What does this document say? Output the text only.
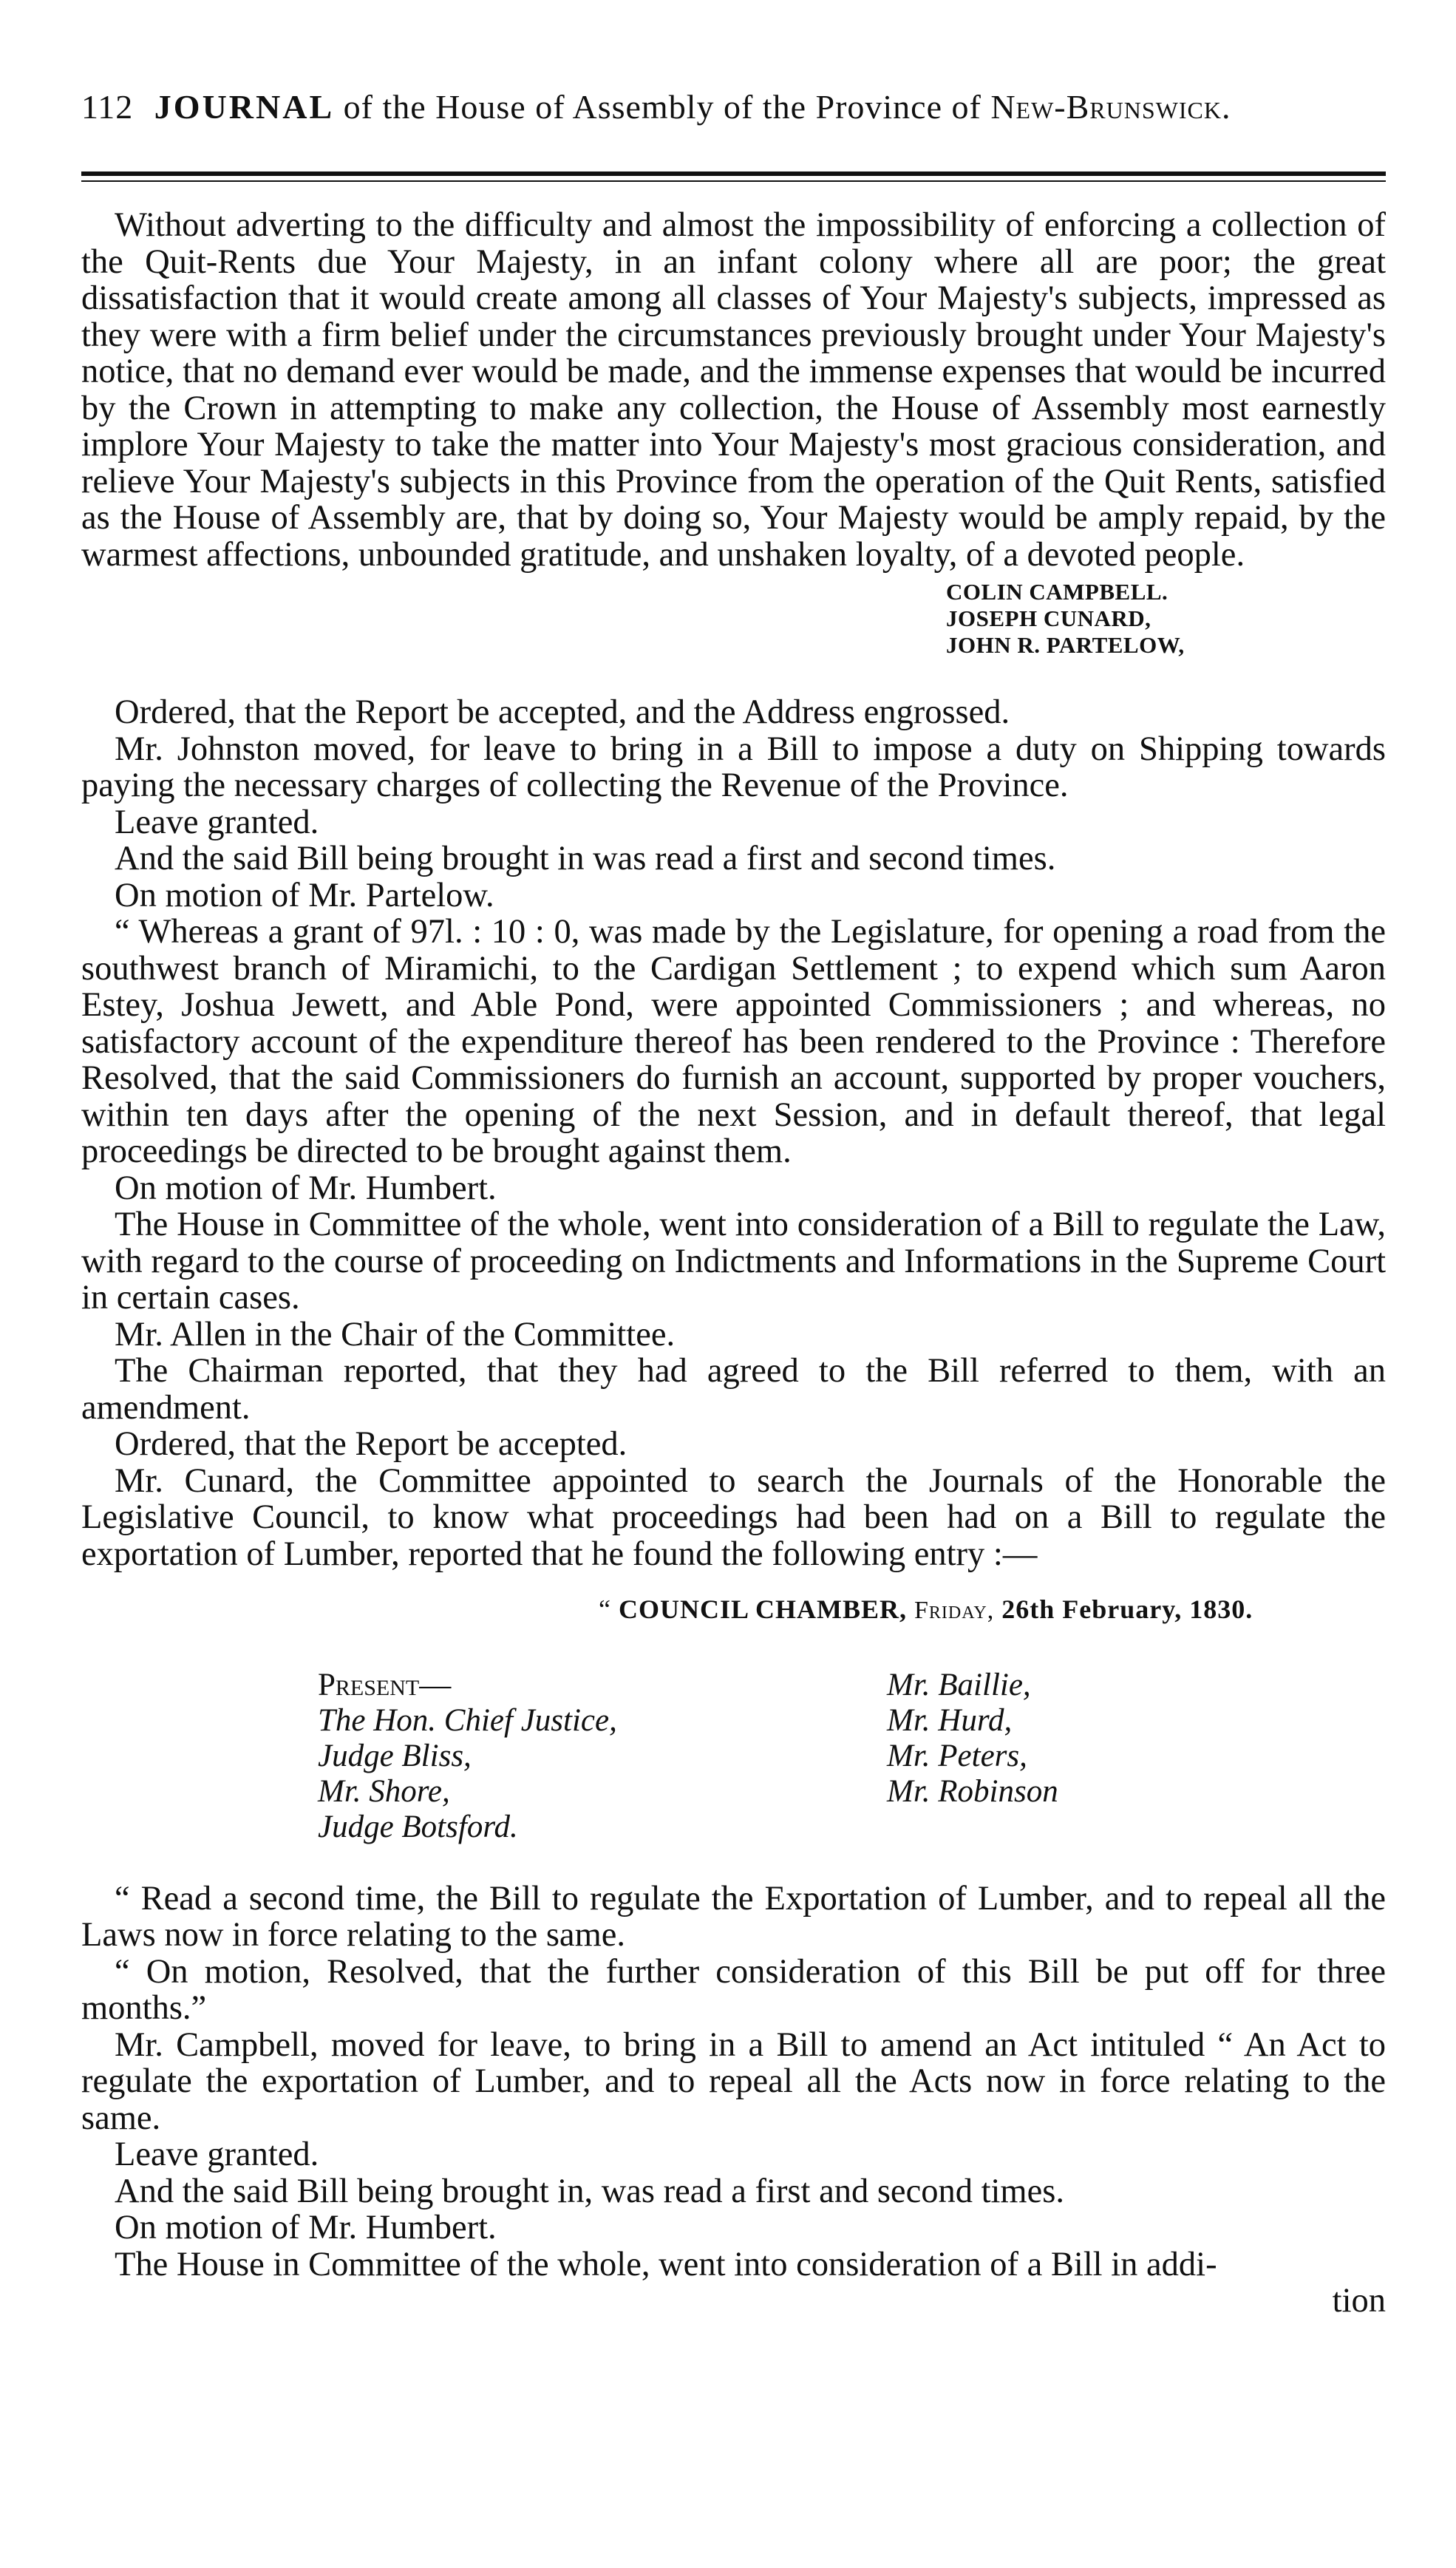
112 JOURNAL of the House of Assembly of the Province of New-Brunswick.

Without adverting to the difficulty and almost the impossibility of enforcing a collection of the Quit-Rents due Your Majesty, in an infant colony where all are poor; the great dissatisfaction that it would create among all classes of Your Majesty's subjects, impressed as they were with a firm belief under the circumstances previously brought under Your Majesty's notice, that no demand ever would be made, and the immense expenses that would be incurred by the Crown in attempting to make any collection, the House of Assembly most earnestly implore Your Majesty to take the matter into Your Majesty's most gracious consideration, and relieve Your Majesty's subjects in this Province from the operation of the Quit Rents, satisfied as the House of Assembly are, that by doing so, Your Majesty would be amply repaid, by the warmest affections, unbounded gratitude, and unshaken loyalty, of a devoted people.

COLIN CAMPBELL.
JOSEPH CUNARD,
JOHN R. PARTELOW,

Ordered, that the Report be accepted, and the Address engrossed.

Mr. Johnston moved, for leave to bring in a Bill to impose a duty on Shipping towards paying the necessary charges of collecting the Revenue of the Province.

Leave granted.

And the said Bill being brought in was read a first and second times.

On motion of Mr. Partelow.

“ Whereas a grant of 97l. : 10 : 0, was made by the Legislature, for opening a road from the southwest branch of Miramichi, to the Cardigan Settlement ; to expend which sum Aaron Estey, Joshua Jewett, and Able Pond, were appointed Commissioners ; and whereas, no satisfactory account of the expenditure thereof has been rendered to the Province : Therefore Resolved, that the said Commissioners do furnish an account, supported by proper vouchers, within ten days after the opening of the next Session, and in default thereof, that legal proceedings be directed to be brought against them.

On motion of Mr. Humbert.

The House in Committee of the whole, went into consideration of a Bill to regulate the Law, with regard to the course of proceeding on Indictments and Informations in the Supreme Court in certain cases.

Mr. Allen in the Chair of the Committee.

The Chairman reported, that they had agreed to the Bill referred to them, with an amendment.

Ordered, that the Report be accepted.

Mr. Cunard, the Committee appointed to search the Journals of the Honorable the Legislative Council, to know what proceedings had been had on a Bill to regulate the exportation of Lumber, reported that he found the following entry :—

“ COUNCIL CHAMBER, Friday, 26th February, 1830.
Present—
The Hon. Chief Justice,
Judge Bliss,
Mr. Shore,
Judge Botsford.
Mr. Baillie,
Mr. Hurd,
Mr. Peters,
Mr. Robinson

“ Read a second time, the Bill to regulate the Exportation of Lumber, and to repeal all the Laws now in force relating to the same.

“ On motion, Resolved, that the further consideration of this Bill be put off for three months.”

Mr. Campbell, moved for leave, to bring in a Bill to amend an Act intituled “ An Act to regulate the exportation of Lumber, and to repeal all the Acts now in force relating to the same.

Leave granted.

And the said Bill being brought in, was read a first and second times.

On motion of Mr. Humbert.

The House in Committee of the whole, went into consideration of a Bill in addi-

tion
